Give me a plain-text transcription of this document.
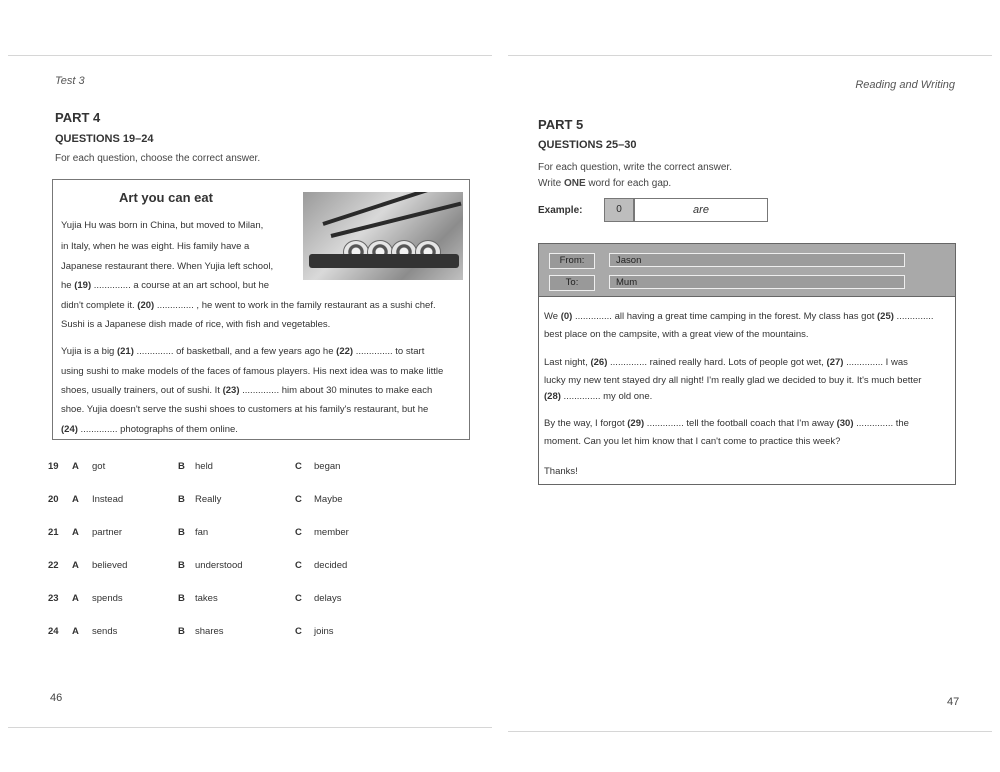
Test 3
PART 4
QUESTIONS 19–24
For each question, choose the correct answer.
Art you can eat
Yujia Hu was born in China, but moved to Milan,
in Italy, when he was eight. His family have a
Japanese restaurant there. When Yujia left school,
he (19) .............. a course at an art school, but he
didn't complete it. (20) .............. , he went to work in the family restaurant as a sushi chef.
Sushi is a Japanese dish made of rice, with fish and vegetables.
Yujia is a big (21) .............. of basketball, and a few years ago he (22) .............. to start
using sushi to make models of the faces of famous players. His next idea was to make little
shoes, usually trainers, out of sushi. It (23) .............. him about 30 minutes to make each
shoe. Yujia doesn't serve the sushi shoes to customers at his family's restaurant, but he
(24) .............. photographs of them online.
19 A got	B held	C began
20 A Instead	B Really	C Maybe
21 A partner	B fan	C member
22 A believed	B understood	C decided
23 A spends	B takes	C delays
24 A sends	B shares	C joins
46
Reading and Writing
PART 5
QUESTIONS 25–30
For each question, write the correct answer.
Write ONE word for each gap.
Example:	0	are
From:	Jason
To:	Mum
We (0) .............. all having a great time camping in the forest. My class has got (25) ..............
best place on the campsite, with a great view of the mountains.
Last night, (26) .............. rained really hard. Lots of people got wet, (27) .............. I was
lucky my new tent stayed dry all night! I'm really glad we decided to buy it. It's much better
(28) .............. my old one.
By the way, I forgot (29) .............. tell the football coach that I'm away (30) .............. the
moment. Can you let him know that I can't come to practice this week?
Thanks!
47
